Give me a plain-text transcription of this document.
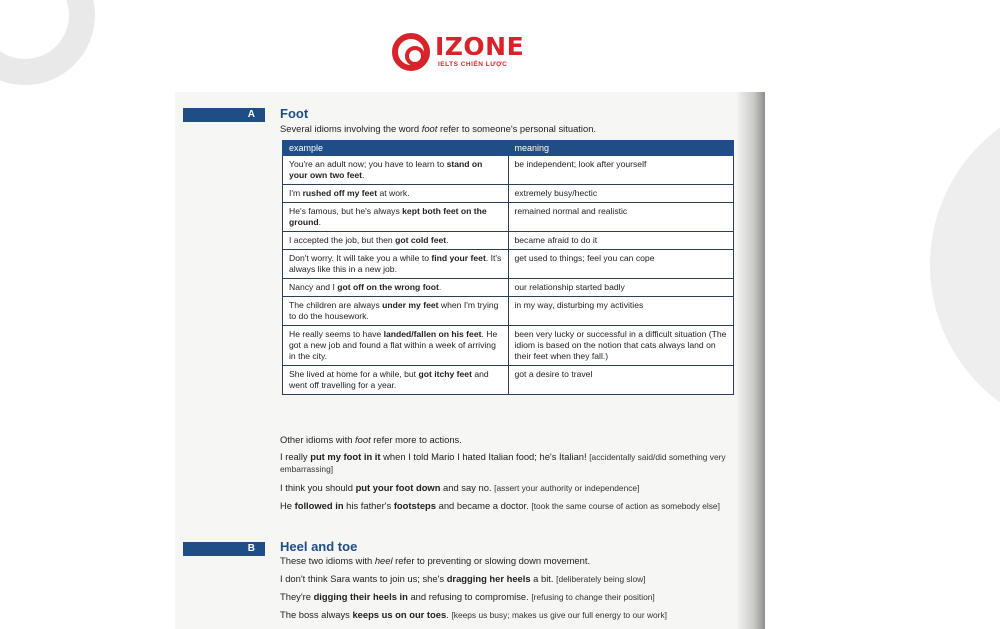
IZONE
IELTS CHIẾN LƯỢC
A Foot
Several idioms involving the word foot refer to someone's personal situation.
example	meaning
You're an adult now; you have to learn to stand on your own two feet.	be independent; look after yourself
I'm rushed off my feet at work.	extremely busy/hectic
He's famous, but he's always kept both feet on the ground.	remained normal and realistic
I accepted the job, but then got cold feet.	became afraid to do it
Don't worry. It will take you a while to find your feet. It's always like this in a new job.	get used to things; feel you can cope
Nancy and I got off on the wrong foot.	our relationship started badly
The children are always under my feet when I'm trying to do the housework.	in my way, disturbing my activities
He really seems to have landed/fallen on his feet. He got a new job and found a flat within a week of arriving in the city.	been very lucky or successful in a difficult situation (The idiom is based on the notion that cats always land on their feet when they fall.)
She lived at home for a while, but got itchy feet and went off travelling for a year.	got a desire to travel
Other idioms with foot refer more to actions.
I really put my foot in it when I told Mario I hated Italian food; he's Italian! [accidentally said/did something very embarrassing]
I think you should put your foot down and say no. [assert your authority or independence]
He followed in his father's footsteps and became a doctor. [took the same course of action as somebody else]
B Heel and toe
These two idioms with heel refer to preventing or slowing down movement.
I don't think Sara wants to join us; she's dragging her heels a bit. [deliberately being slow]
They're digging their heels in and refusing to compromise. [refusing to change their position]
The boss always keeps us on our toes. [keeps us busy; makes us give our full energy to our work]
